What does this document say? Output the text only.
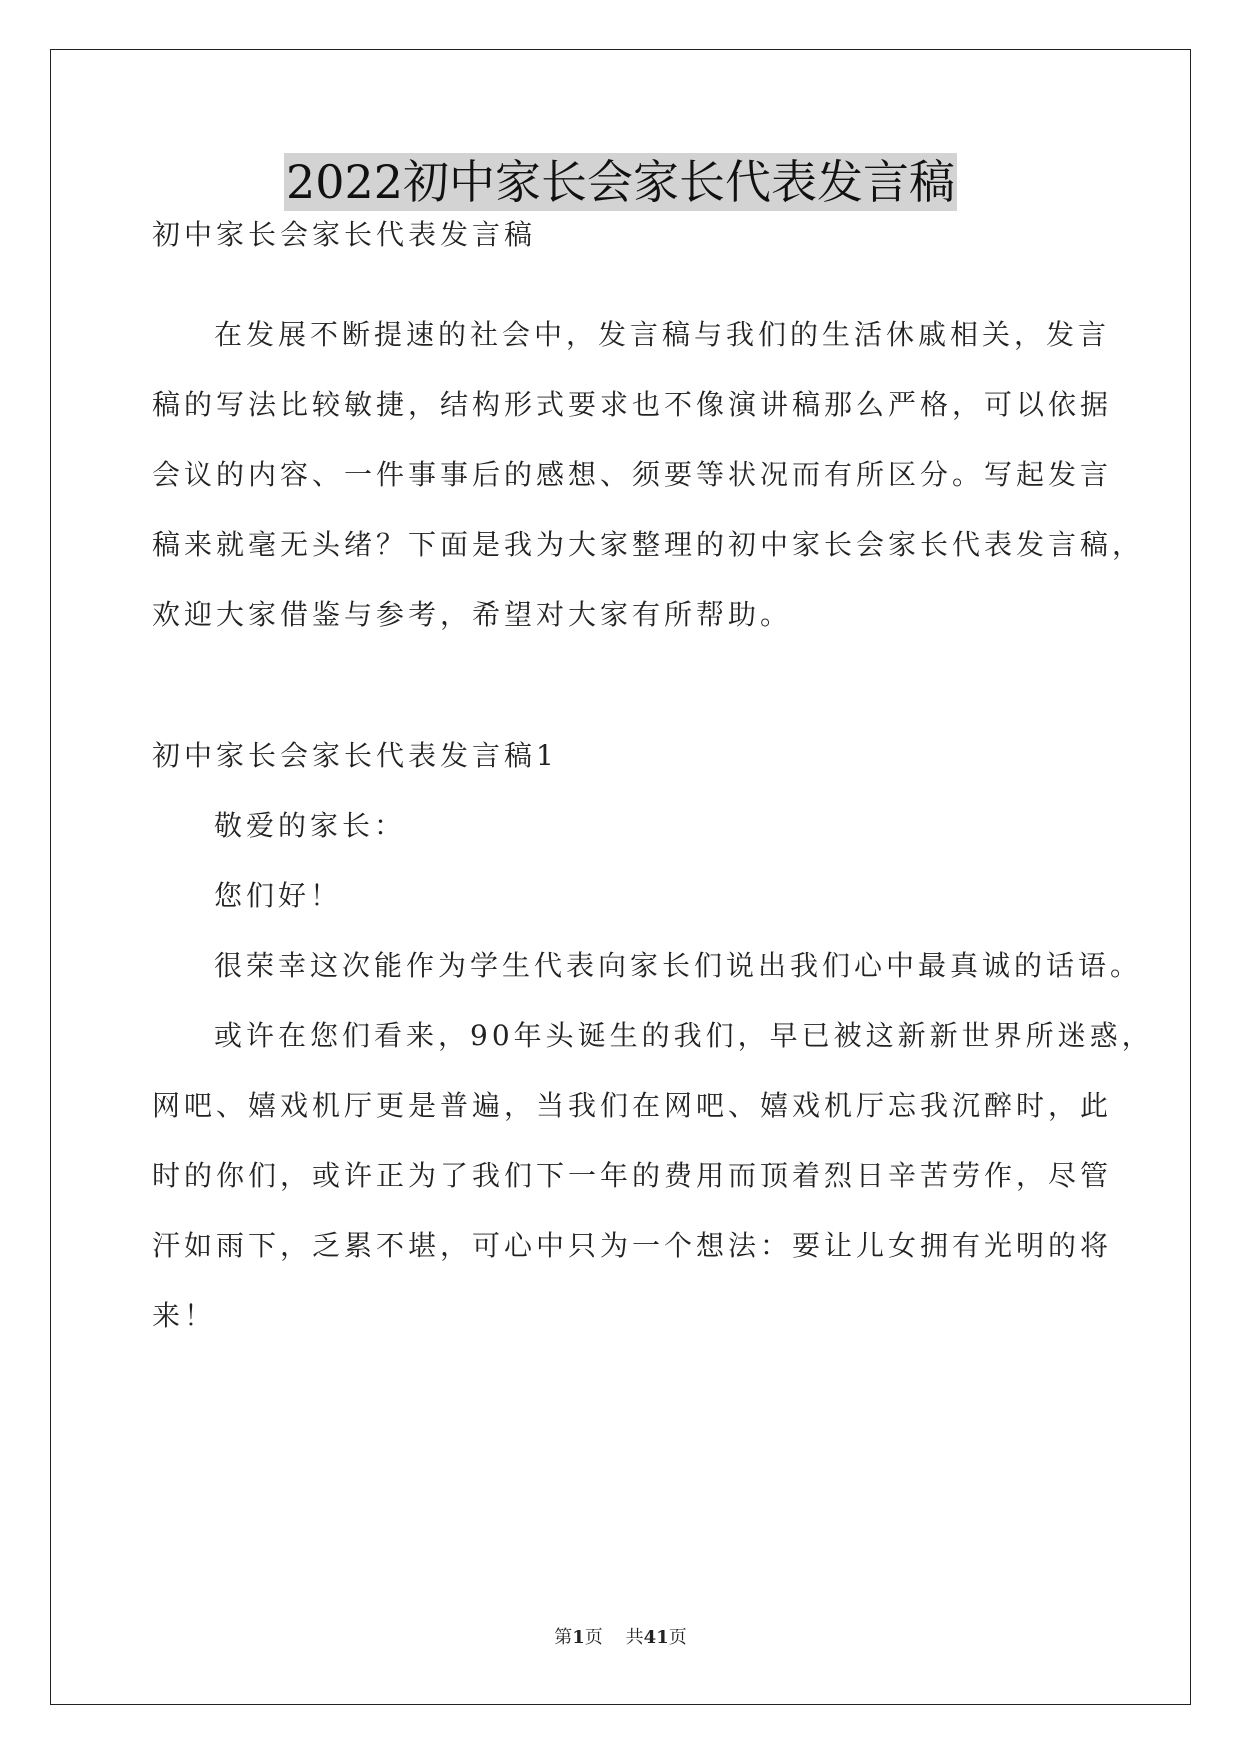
2022初中家长会家长代表发言稿
初中家长会家长代表发言稿
在发展不断提速的社会中，发言稿与我们的生活休戚相关，发言
稿的写法比较敏捷，结构形式要求也不像演讲稿那么严格，可以依据
会议的内容、一件事事后的感想、须要等状况而有所区分。写起发言
稿来就毫无头绪？下面是我为大家整理的初中家长会家长代表发言稿，
欢迎大家借鉴与参考，希望对大家有所帮助。
初中家长会家长代表发言稿1
敬爱的家长：
您们好！
很荣幸这次能作为学生代表向家长们说出我们心中最真诚的话语。
或许在您们看来，90年头诞生的我们，早已被这新新世界所迷惑，
网吧、嬉戏机厅更是普遍，当我们在网吧、嬉戏机厅忘我沉醉时，此
时的你们，或许正为了我们下一年的费用而顶着烈日辛苦劳作，尽管
汗如雨下，乏累不堪，可心中只为一个想法：要让儿女拥有光明的将
来！
第1页 共41页
